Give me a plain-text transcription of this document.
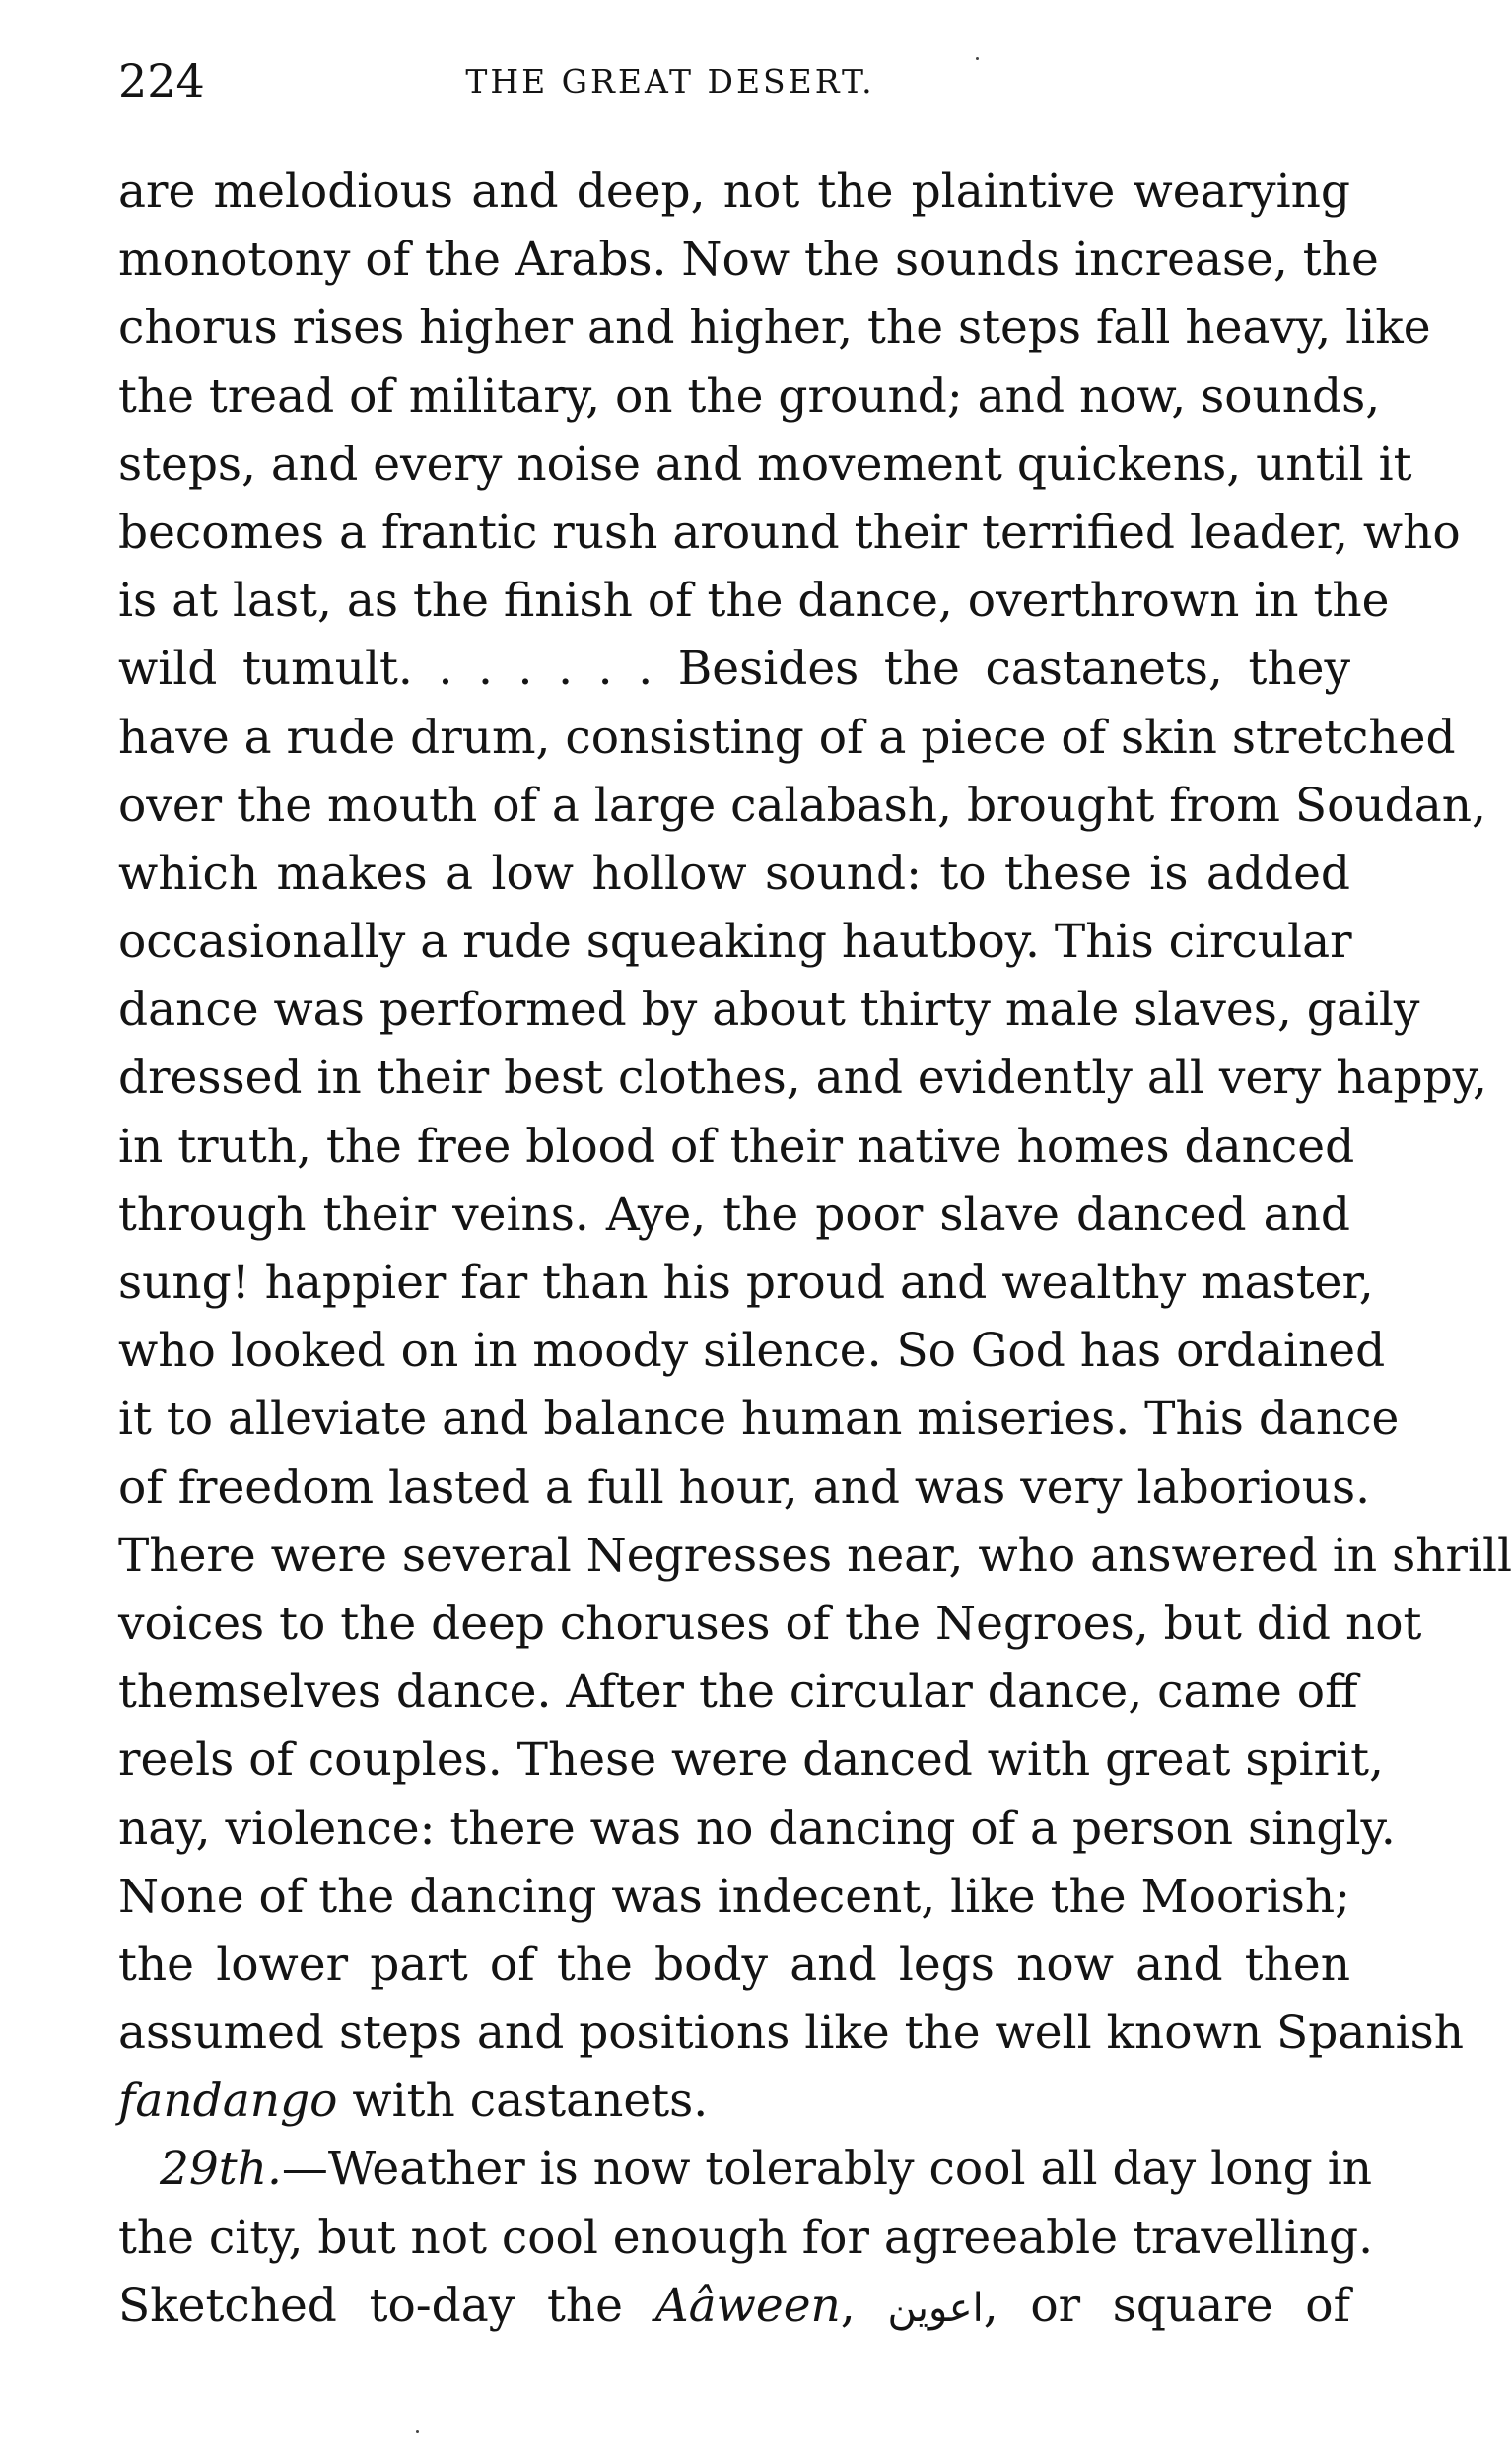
224	THE GREAT DESERT.
are melodious and deep, not the plaintive wearying
monotony of the Arabs. Now the sounds increase, the
chorus rises higher and higher, the steps fall heavy, like
the tread of military, on the ground; and now, sounds,
steps, and every noise and movement quickens, until it
becomes a frantic rush around their terrified leader, who
is at last, as the finish of the dance, overthrown in the
wild tumult. . . . . . . Besides the castanets, they
have a rude drum, consisting of a piece of skin stretched
over the mouth of a large calabash, brought from Soudan,
which makes a low hollow sound: to these is added
occasionally a rude squeaking hautboy. This circular
dance was performed by about thirty male slaves, gaily
dressed in their best clothes, and evidently all very happy,
in truth, the free blood of their native homes danced
through their veins. Aye, the poor slave danced and
sung! happier far than his proud and wealthy master,
who looked on in moody silence. So God has ordained
it to alleviate and balance human miseries. This dance
of freedom lasted a full hour, and was very laborious.
There were several Negresses near, who answered in shrill
voices to the deep choruses of the Negroes, but did not
themselves dance. After the circular dance, came off
reels of couples. These were danced with great spirit,
nay, violence: there was no dancing of a person singly.
None of the dancing was indecent, like the Moorish;
the lower part of the body and legs now and then
assumed steps and positions like the well known Spanish
fandango with castanets.
29th.—Weather is now tolerably cool all day long in
the city, but not cool enough for agreeable travelling.
Sketched to-day the Aâween, اعوين, or square of
